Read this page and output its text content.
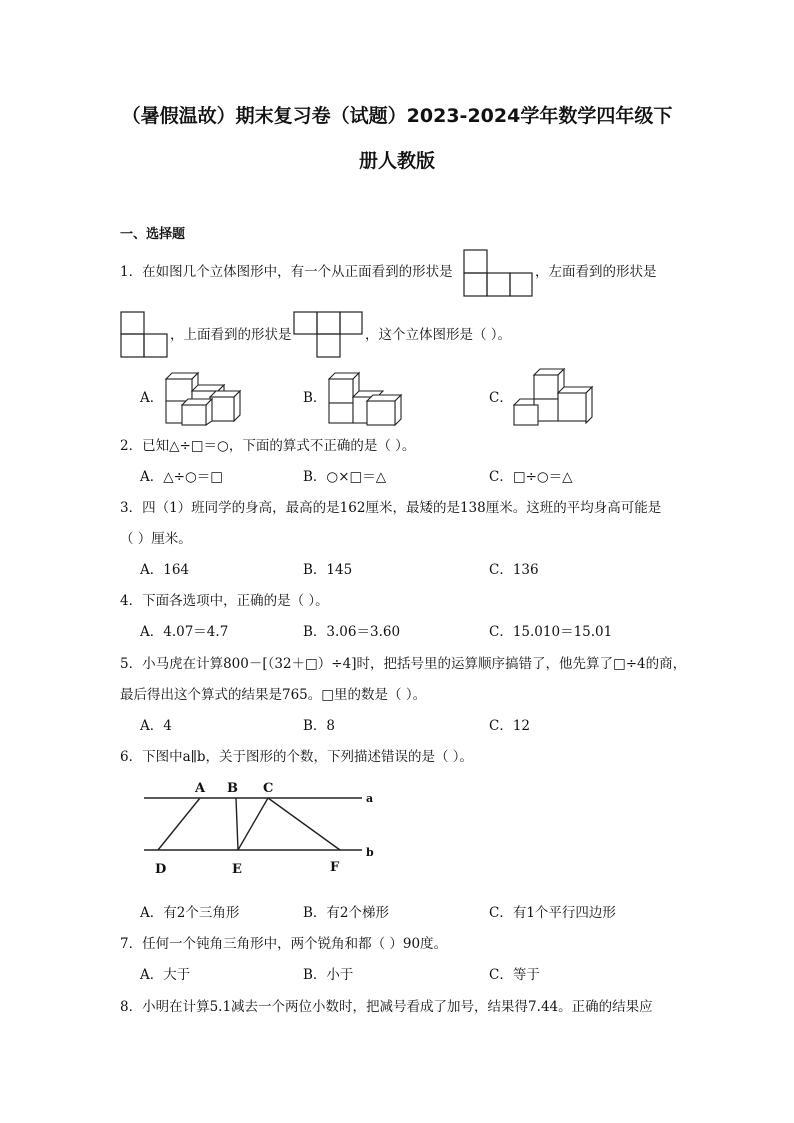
（暑假温故）期末复习卷（试题）2023-2024学年数学四年级下
册人教版
一、选择题
1．在如图几个立体图形中，有一个从正面看到的形状是	，左面看到的形状是
，上面看到的形状是	，这个立体图形是（ ）。
A．	B．	C．
2．已知△÷□＝○，下面的算式不正确的是（ ）。
A．△÷○＝□	B．○×□＝△	C．□÷○＝△
3．四（1）班同学的身高，最高的是162厘米，最矮的是138厘米。这班的平均身高可能是
（ ）厘米。
A．164	B．145	C．136
4．下面各选项中，正确的是（ ）。
A．4.07＝4.7	B．3.06＝3.60	C．15.010＝15.01
5．小马虎在计算800－[（32＋□）÷4]时，把括号里的运算顺序搞错了，他先算了□÷4的商，
最后得出这个算式的结果是765。□里的数是（ ）。
A．4	B．8	C．12
6．下图中a∥b，关于图形的个数，下列描述错误的是（ ）。
A B C
D	E	F
a
b
A．有2个三角形	B．有2个梯形	C．有1个平行四边形
7．任何一个钝角三角形中，两个锐角和都（ ）90度。
A．大于	B．小于	C．等于
8．小明在计算5.1减去一个两位小数时，把减号看成了加号，结果得7.44。正确的结果应
